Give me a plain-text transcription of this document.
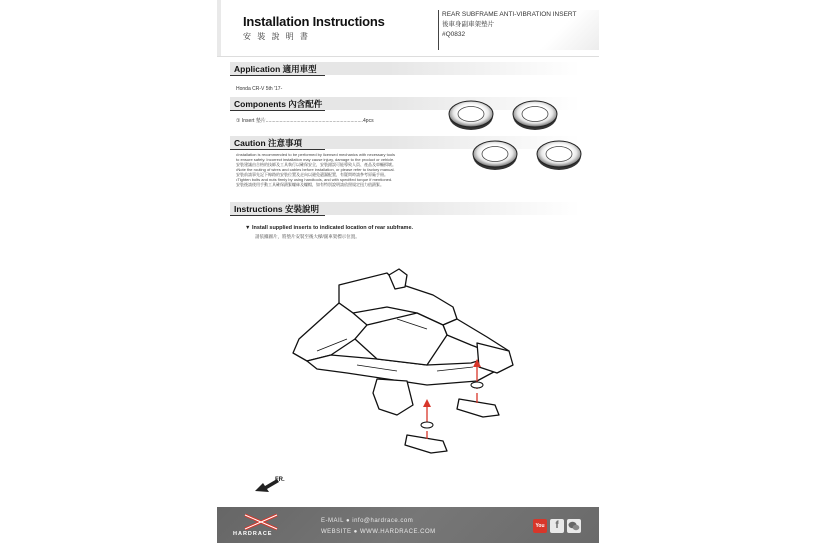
Installation Instructions
安 裝 說 明 書
REAR SUBFRAME ANTI-VIBRATION INSERT
後車身副車架墊片
#Q0832
Application 適用車型
Honda CR-V 5th '17-
Components 內含配件
① Insert 墊片......................................................................4pcs
Caution 注意事項
•Installation is recommended to be performed by licensed mechanics with necessary tools
to ensure safety. Incorrect installation may cause injury, damage to the product or vehicle.
安裝建議由合格的技師及工具執行以確保安全，安裝錯誤可能導致人員、產品及車輛損壞。
•Note the routing of wires and cables before installation, or please refer to factory manual.
安裝前請事先記下線路的安裝位置及走向以避免遺漏配置，有疑問時請參考原廠手冊。
•Tighten bolts and nuts firmly by using handtools, and with specified torque if mentioned.
安裝後請使用手動工具確保鎖緊螺絲及螺帽，如有特別說明請依照規定扭力值鎖緊。
Instructions 安裝說明
▼ Install supplied inserts to indicated location of rear subframe.
請依據圖片，將墊片安裝至後大樑/副車架標示位置。
FR.
HARDRACE
E-MAIL ● info@hardrace.com
WEBSITE ● WWW.HARDRACE.COM
You	f
